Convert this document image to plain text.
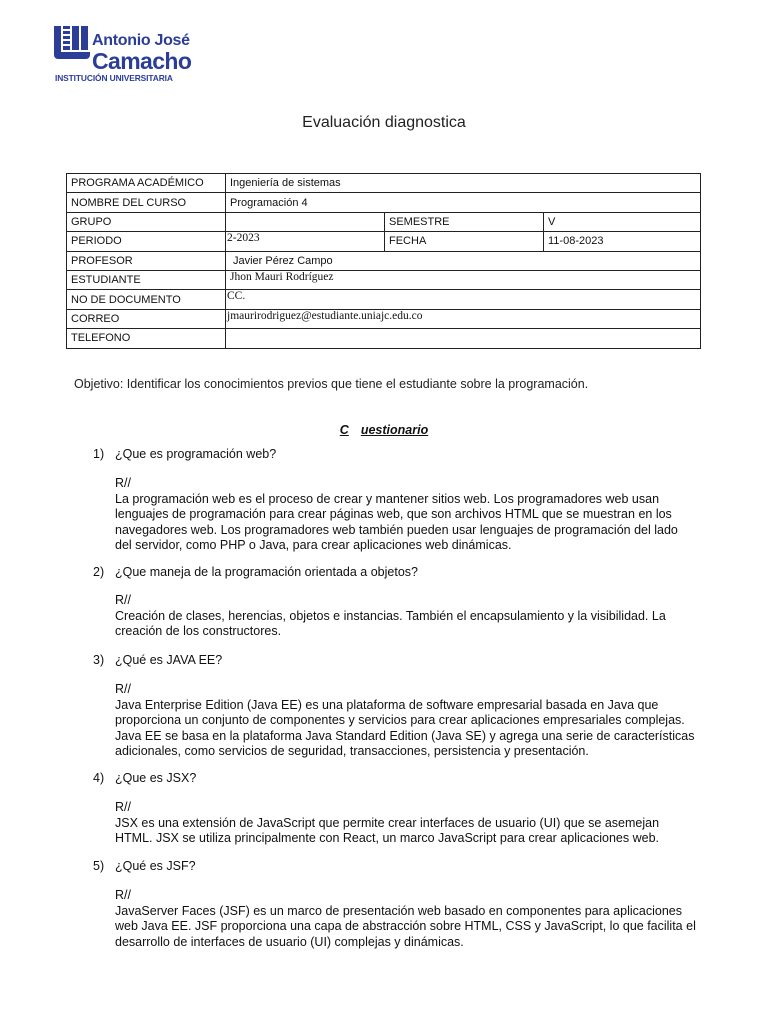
Antonio José
Camacho
INSTITUCIÓN UNIVERSITARIA
Evaluación diagnostica
PROGRAMA ACADÉMICO	Ingeniería de sistemas		
NOMBRE DEL CURSO	Programación 4		
GRUPO		SEMESTRE	V
PERIODO	2-2023	FECHA	11-08-2023
PROFESOR	Javier Pérez Campo		
ESTUDIANTE	Jhon Mauri Rodríguez		
NO DE DOCUMENTO	CC.		
CORREO	jmaurirodriguez@estudiante.uniajc.edu.co		
TELEFONO			
Objetivo: Identificar los conocimientos previos que tiene el estudiante sobre la programación.
C uestionario
1) ¿Que es programación web?
R//
La programación web es el proceso de crear y mantener sitios web. Los programadores web usan
lenguajes de programación para crear páginas web, que son archivos HTML que se muestran en los
navegadores web. Los programadores web también pueden usar lenguajes de programación del lado
del servidor, como PHP o Java, para crear aplicaciones web dinámicas.
2) ¿Que maneja de la programación orientada a objetos?
R//
Creación de clases, herencias, objetos e instancias. También el encapsulamiento y la visibilidad. La
creación de los constructores.
3) ¿Qué es JAVA EE?
R//
Java Enterprise Edition (Java EE) es una plataforma de software empresarial basada en Java que
proporciona un conjunto de componentes y servicios para crear aplicaciones empresariales complejas.
Java EE se basa en la plataforma Java Standard Edition (Java SE) y agrega una serie de características
adicionales, como servicios de seguridad, transacciones, persistencia y presentación.
4) ¿Que es JSX?
R//
JSX es una extensión de JavaScript que permite crear interfaces de usuario (UI) que se asemejan
HTML. JSX se utiliza principalmente con React, un marco JavaScript para crear aplicaciones web.
5) ¿Qué es JSF?
R//
JavaServer Faces (JSF) es un marco de presentación web basado en componentes para aplicaciones
web Java EE. JSF proporciona una capa de abstracción sobre HTML, CSS y JavaScript, lo que facilita el
desarrollo de interfaces de usuario (UI) complejas y dinámicas.
